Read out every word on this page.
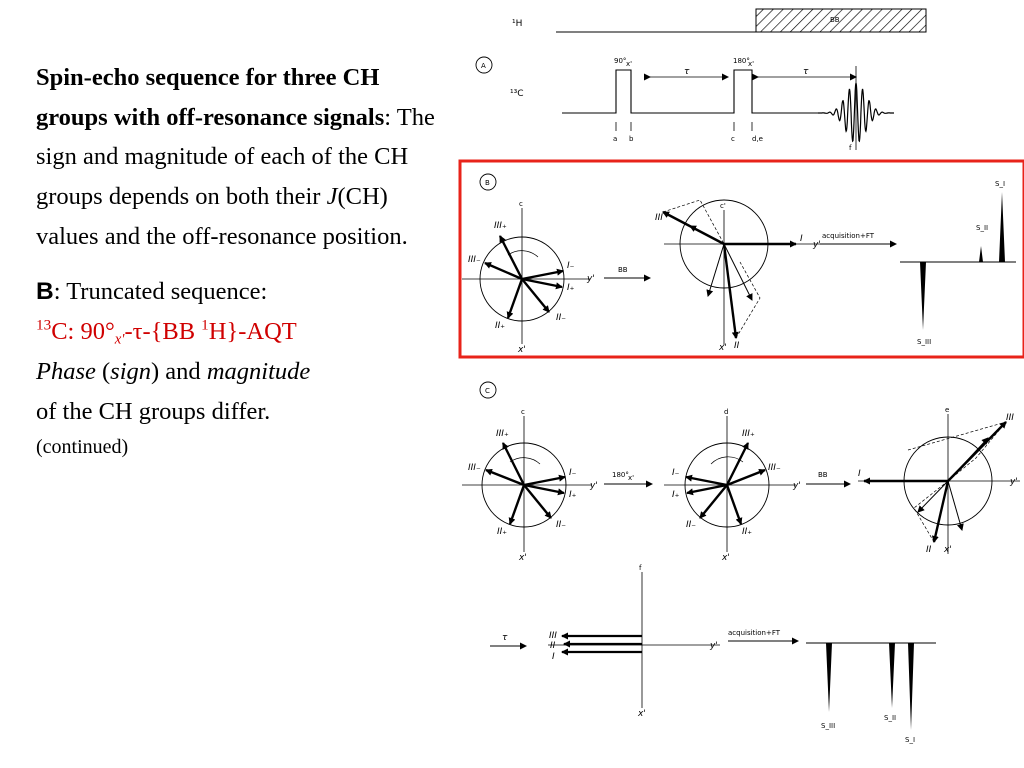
Spin-echo sequence for three CH groups with off-resonance signals: The sign and magnitude of each of the CH groups depends on both their J(CH) values and the off-resonance position.

B: Truncated sequence:

$^{13}$C: $90^\circ_{x'}-\tau-\{BB$ $^1$H}-AQT

Phase (sign) and magnitude

of the CH groups differ.

(continued)

¹H	BB
A
¹³C
90° x'	180°
x'
τ	τ
a b	c d,e
f
B
c
y'
x'
III₊
III₋
I₋
I₊
II₊
II₋
BB
c'
y'
x'
III
I
II
acquisition+FT
S_III
S_II
S_I
C
c
y'
x'
III₊
III₋	I₋
I₊
II₊
II₋
180° x'
d
y'
x'
III₊
III₋
I₋
I₊
II₋
II₊
BB
e
y'
x'
III
I
II
f
y'
x'
τ	III
II
I
acquisition+FT
S_III
S_II
S_I
